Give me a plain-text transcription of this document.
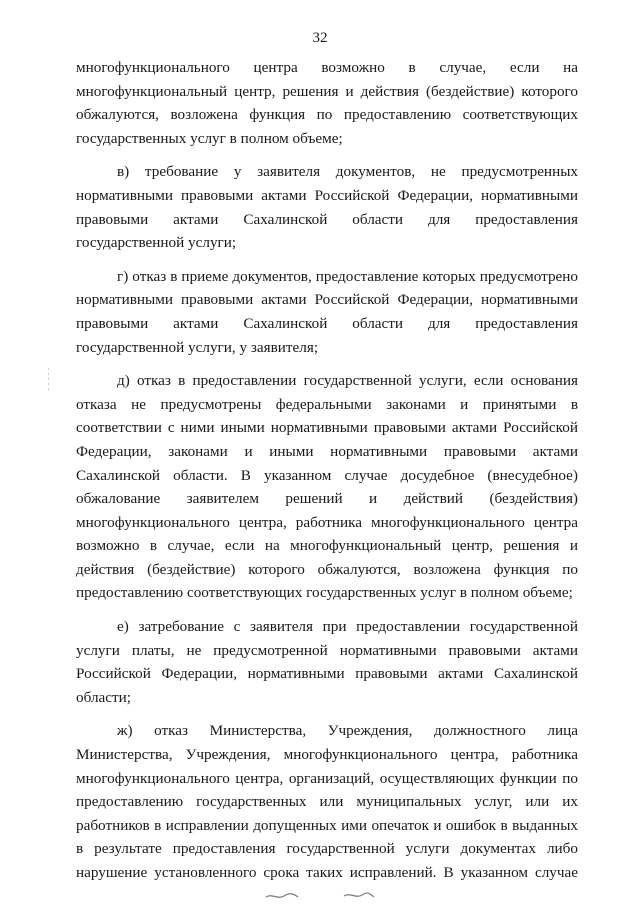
32

многофункционального центра возможно в случае, если на многофункциональный центр, решения и действия (бездействие) которого обжалуются, возложена функция по предоставлению соответствующих государственных услуг в полном объеме;

в) требование у заявителя документов, не предусмотренных нормативными правовыми актами Российской Федерации, нормативными правовыми актами Сахалинской области для предоставления государственной услуги;

г) отказ в приеме документов, предоставление которых предусмотрено нормативными правовыми актами Российской Федерации, нормативными правовыми актами Сахалинской области для предоставления государственной услуги, у заявителя;

д) отказ в предоставлении государственной услуги, если основания отказа не предусмотрены федеральными законами и принятыми в соответствии с ними иными нормативными правовыми актами Российской Федерации, законами и иными нормативными правовыми актами Сахалинской области. В указанном случае досудебное (внесудебное) обжалование заявителем решений и действий (бездействия) многофункционального центра, работника многофункционального центра возможно в случае, если на многофункциональный центр, решения и действия (бездействие) которого обжалуются, возложена функция по предоставлению соответствующих государственных услуг в полном объеме;

е) затребование с заявителя при предоставлении государственной услуги платы, не предусмотренной нормативными правовыми актами Российской Федерации, нормативными правовыми актами Сахалинской области;

ж) отказ Министерства, Учреждения, должностного лица Министерства, Учреждения, многофункционального центра, работника многофункционального центра, организаций, осуществляющих функции по предоставлению государственных или муниципальных услуг, или их работников в исправлении допущенных ими опечаток и ошибок в выданных в результате предоставления государственной услуги документах либо нарушение установленного срока таких исправлений. В указанном случае
